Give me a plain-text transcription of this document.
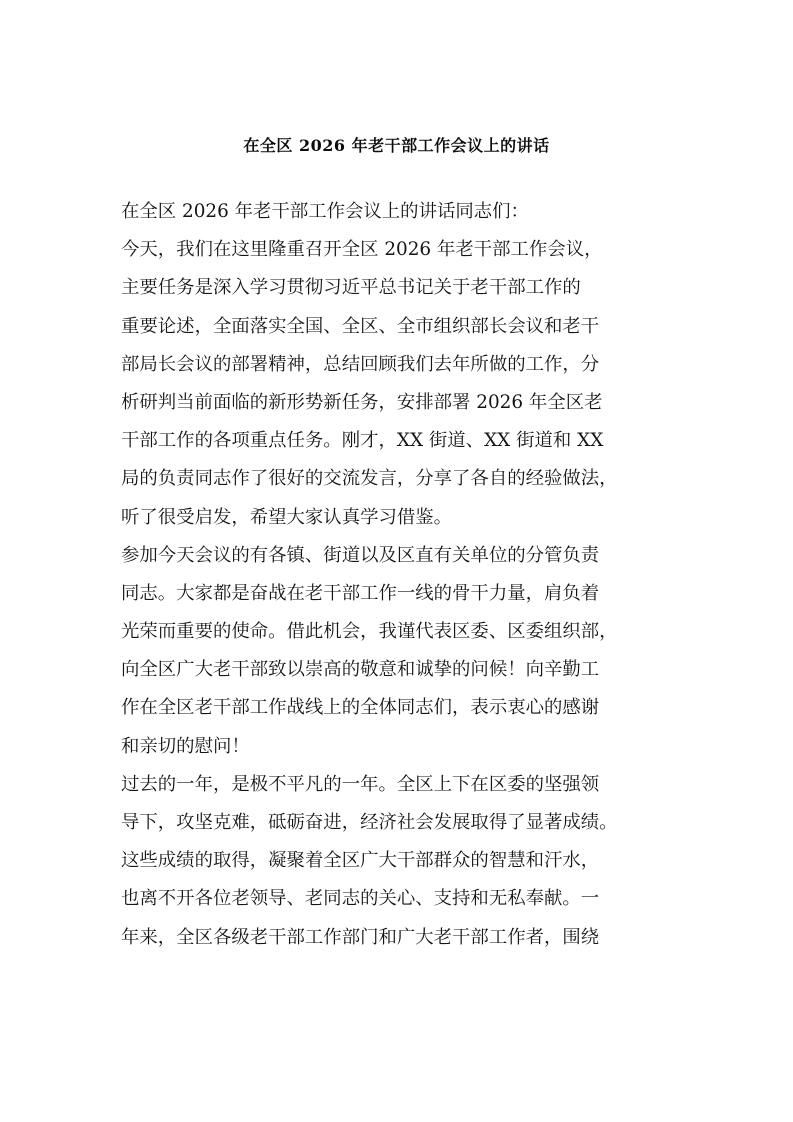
在全区 2026 年老干部工作会议上的讲话
在全区 2026 年老干部工作会议上的讲话同志们：
今天，我们在这里隆重召开全区 2026 年老干部工作会议，
主要任务是深入学习贯彻习近平总书记关于老干部工作的
重要论述，全面落实全国、全区、全市组织部长会议和老干
部局长会议的部署精神，总结回顾我们去年所做的工作，分
析研判当前面临的新形势新任务，安排部署 2026 年全区老
干部工作的各项重点任务。刚才，XX 街道、XX 街道和 XX
局的负责同志作了很好的交流发言，分享了各自的经验做法，
听了很受启发，希望大家认真学习借鉴。
参加今天会议的有各镇、街道以及区直有关单位的分管负责
同志。大家都是奋战在老干部工作一线的骨干力量，肩负着
光荣而重要的使命。借此机会，我谨代表区委、区委组织部，
向全区广大老干部致以崇高的敬意和诚挚的问候！向辛勤工
作在全区老干部工作战线上的全体同志们，表示衷心的感谢
和亲切的慰问！
过去的一年，是极不平凡的一年。全区上下在区委的坚强领
导下，攻坚克难，砥砺奋进，经济社会发展取得了显著成绩。
这些成绩的取得，凝聚着全区广大干部群众的智慧和汗水，
也离不开各位老领导、老同志的关心、支持和无私奉献。一
年来，全区各级老干部工作部门和广大老干部工作者，围绕
